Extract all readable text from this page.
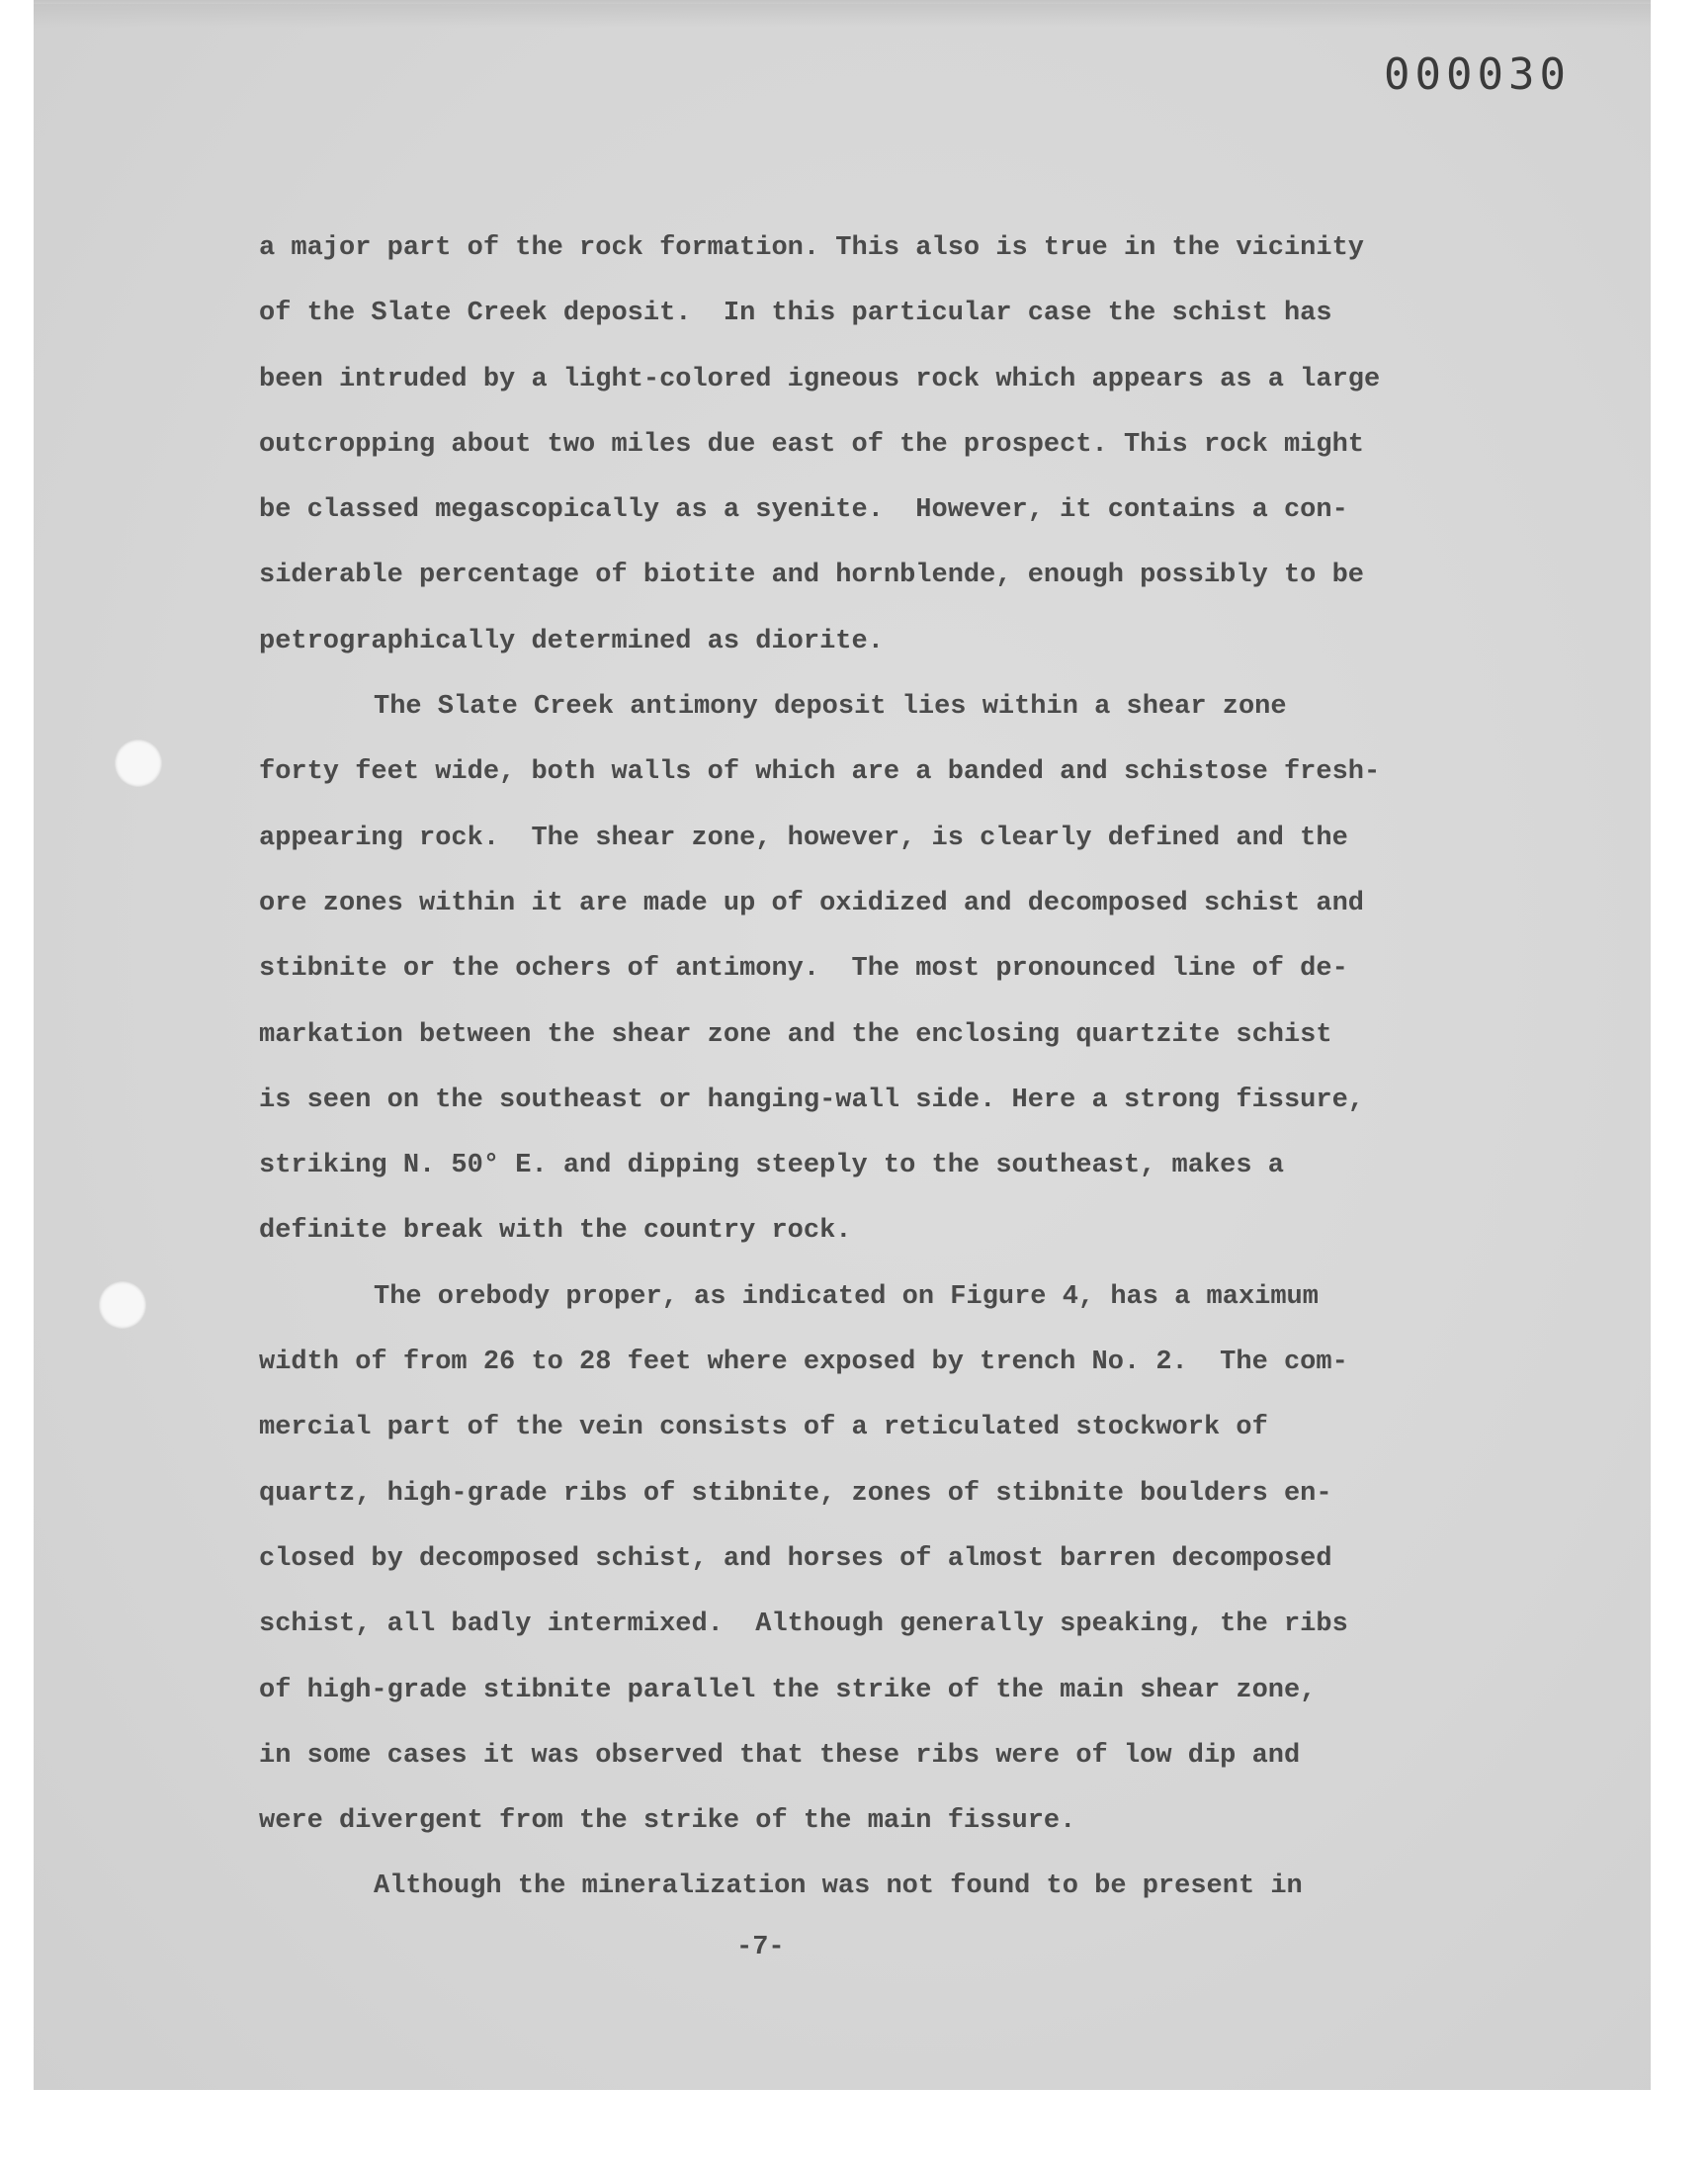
000030
a major part of the rock formation. This also is true in the vicinity
of the Slate Creek deposit.  In this particular case the schist has
been intruded by a light-colored igneous rock which appears as a large
outcropping about two miles due east of the prospect. This rock might
be classed megascopically as a syenite.  However, it contains a con-
siderable percentage of biotite and hornblende, enough possibly to be
petrographically determined as diorite.
The Slate Creek antimony deposit lies within a shear zone
forty feet wide, both walls of which are a banded and schistose fresh-
appearing rock.  The shear zone, however, is clearly defined and the
ore zones within it are made up of oxidized and decomposed schist and
stibnite or the ochers of antimony.  The most pronounced line of de-
markation between the shear zone and the enclosing quartzite schist
is seen on the southeast or hanging-wall side. Here a strong fissure,
striking N. 50° E. and dipping steeply to the southeast, makes a
definite break with the country rock.
The orebody proper, as indicated on Figure 4, has a maximum
width of from 26 to 28 feet where exposed by trench No. 2.  The com-
mercial part of the vein consists of a reticulated stockwork of
quartz, high-grade ribs of stibnite, zones of stibnite boulders en-
closed by decomposed schist, and horses of almost barren decomposed
schist, all badly intermixed.  Although generally speaking, the ribs
of high-grade stibnite parallel the strike of the main shear zone,
in some cases it was observed that these ribs were of low dip and
were divergent from the strike of the main fissure.
Although the mineralization was not found to be present in
-7-
